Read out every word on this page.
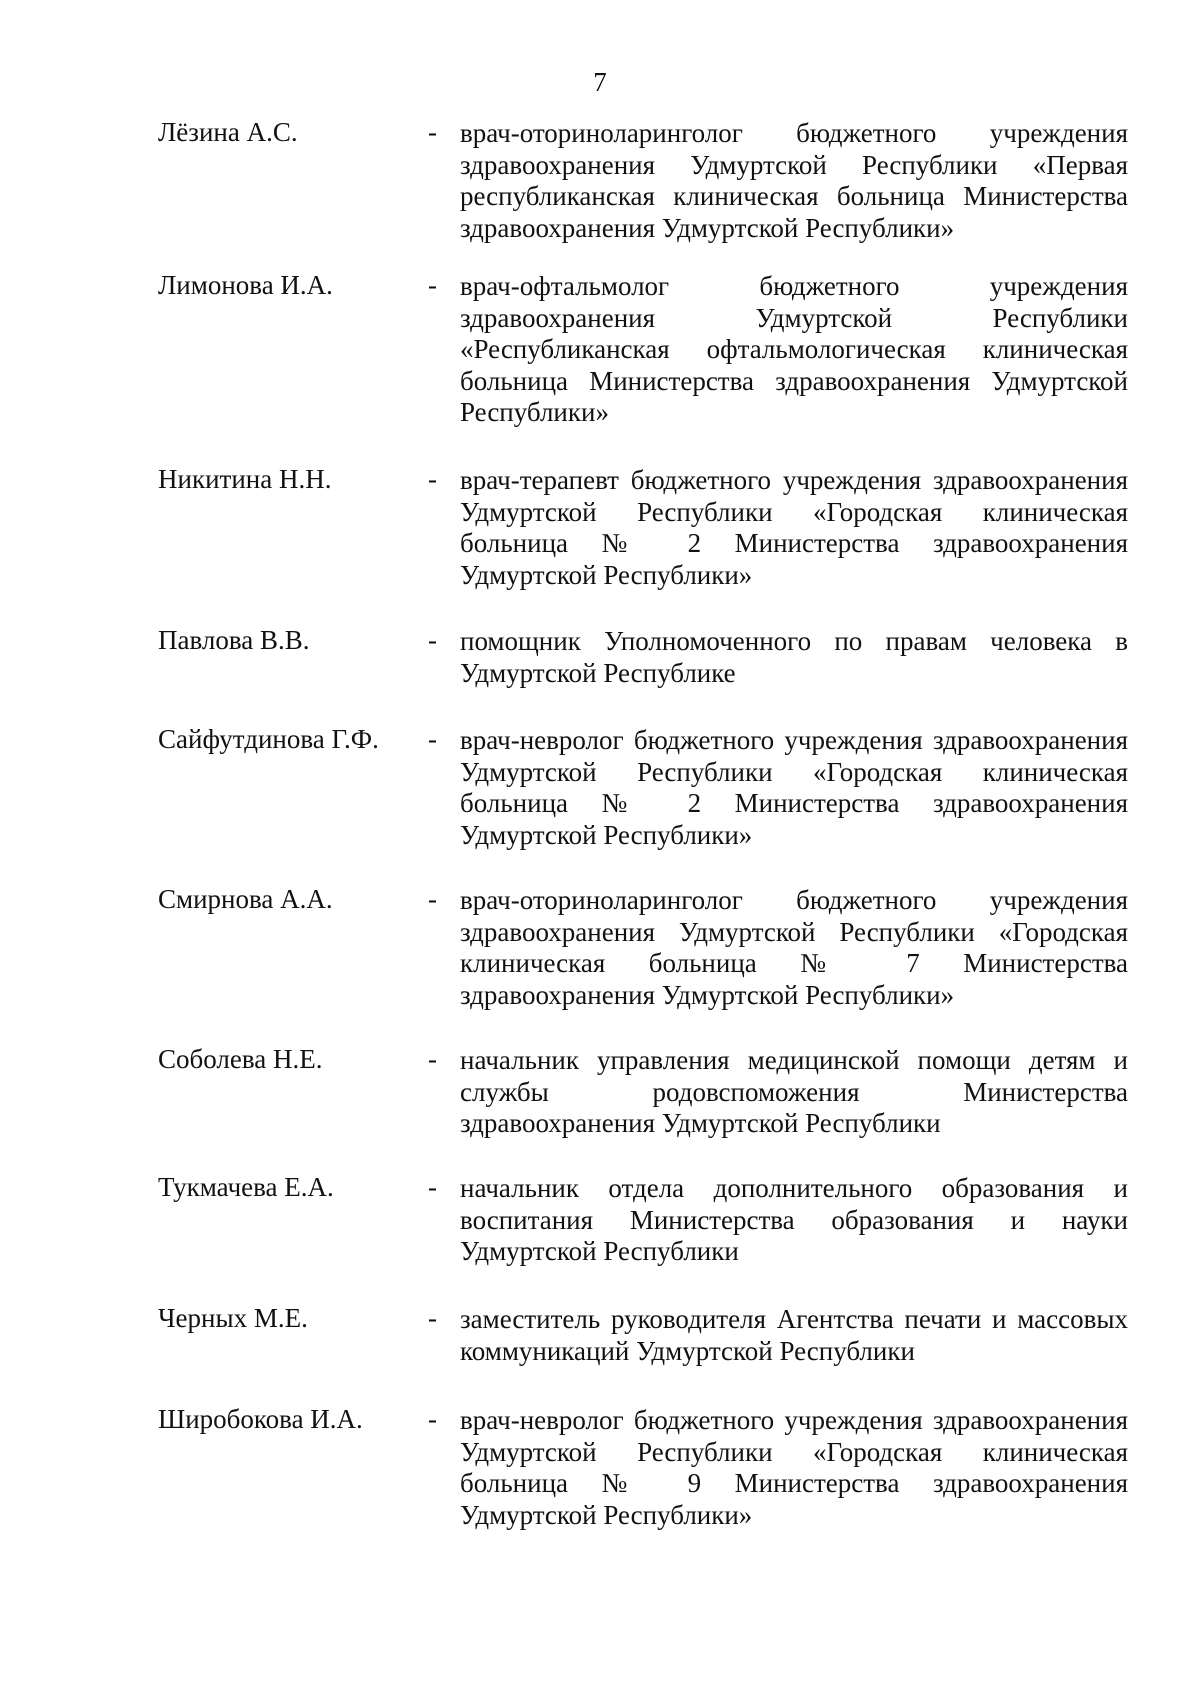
7
Лёзина А.С.	- врач-оториноларинголог бюджетного учреждения здравоохранения Удмуртской Республики «Первая республиканская клиническая больница Министерства здравоохранения Удмуртской Республики»
Лимонова И.А.	- врач-офтальмолог бюджетного учреждения здравоохранения Удмуртской Республики «Республиканская офтальмологическая клиническая больница Министерства здравоохранения Удмуртской Республики»
Никитина Н.Н.	- врач-терапевт бюджетного учреждения здравоохранения Удмуртской Республики «Городская клиническая больница № 2 Министерства здравоохранения Удмуртской Республики»
Павлова В.В.	- помощник Уполномоченного по правам человека в Удмуртской Республике
Сайфутдинова Г.Ф. - врач-невролог бюджетного учреждения здравоохранения Удмуртской Республики «Городская клиническая больница № 2 Министерства здравоохранения Удмуртской Республики»
Смирнова А.А.	- врач-оториноларинголог бюджетного учреждения здравоохранения Удмуртской Республики «Городская клиническая больница № 7 Министерства здравоохранения Удмуртской Республики»
Соболева Н.Е.	- начальник управления медицинской помощи детям и службы родовспоможения Министерства здравоохранения Удмуртской Республики
Тукмачева Е.А.	- начальник отдела дополнительного образования и воспитания Министерства образования и науки Удмуртской Республики
Черных М.Е.	- заместитель руководителя Агентства печати и массовых коммуникаций Удмуртской Республики
Широбокова И.А. - врач-невролог бюджетного учреждения здравоохранения Удмуртской Республики «Городская клиническая больница № 9 Министерства здравоохранения Удмуртской Республики»
